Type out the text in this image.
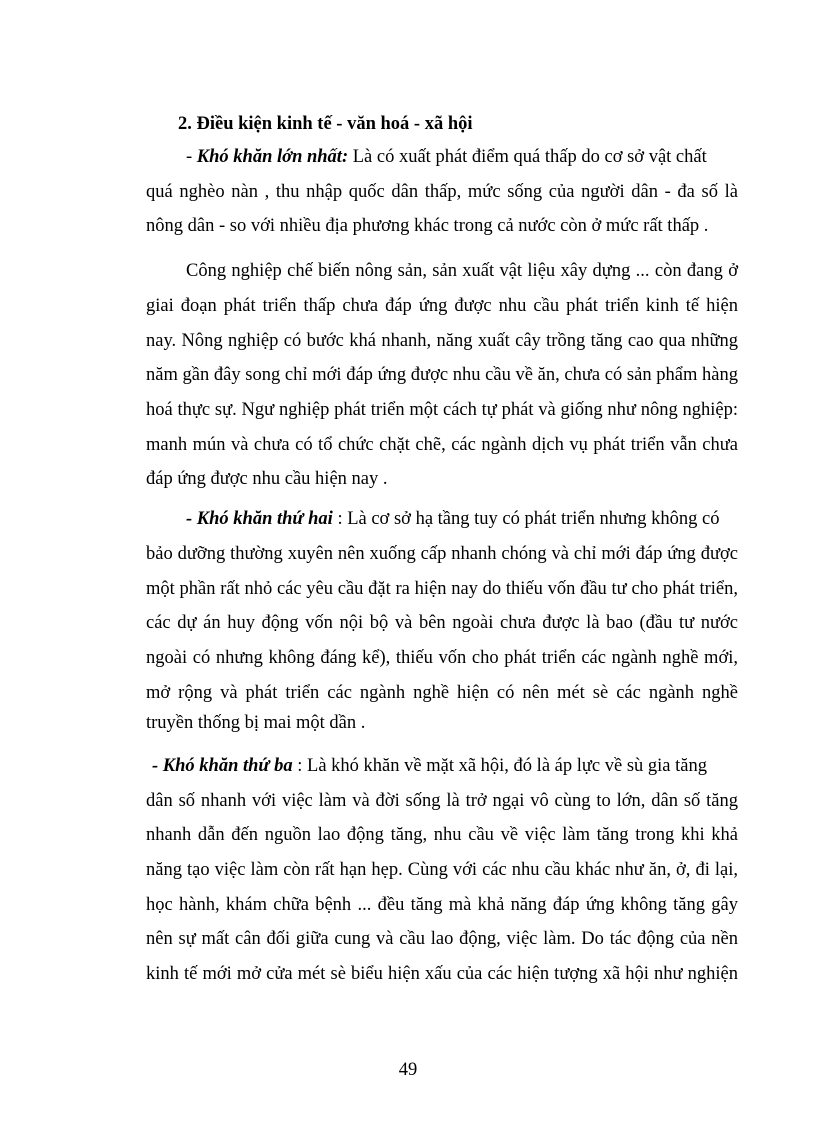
2. Điều kiện kinh tế - văn hoá - xã hội
- Khó khăn lớn nhất: Là có xuất phát điểm quá thấp do cơ sở vật chất
quá nghèo nàn , thu nhập quốc dân thấp, mức sống của người dân - đa số là
nông dân - so với nhiều địa phương khác trong cả nước còn ở mức rất thấp .
Công nghiệp chế biến nông sản, sản xuất vật liệu xây dựng ... còn đang ở
giai đoạn phát triển thấp chưa đáp ứng được nhu cầu phát triển kinh tế hiện
nay. Nông nghiệp có bước khá nhanh, năng xuất cây trồng tăng cao qua những
năm gần đây song chỉ mới đáp ứng được nhu cầu về ăn, chưa có sản phẩm hàng
hoá thực sự. Ngư nghiệp phát triển một cách tự phát và giống như nông nghiệp:
manh mún và chưa có tổ chức chặt chẽ, các ngành dịch vụ phát triển vẫn chưa
đáp ứng được nhu cầu hiện nay .
- Khó khăn thứ hai : Là cơ sở hạ tầng tuy có phát triển nhưng không có
bảo dưỡng thường xuyên nên xuống cấp nhanh chóng và chỉ mới đáp ứng được
một phần rất nhỏ các yêu cầu đặt ra hiện nay do thiếu vốn đầu tư cho phát triển,
các dự án huy động vốn nội bộ và bên ngoài chưa được là bao (đầu tư nước
ngoài có nhưng không đáng kể), thiếu vốn cho phát triển các ngành nghề mới,
mở rộng và phát triển các ngành nghề hiện có nên mét sè các ngành nghề
truyền thống bị mai một dần .
- Khó khăn thứ ba : Là khó khăn về mặt xã hội, đó là áp lực về sù gia tăng
dân số nhanh với việc làm và đời sống là trở ngại vô cùng to lớn, dân số tăng
nhanh dẫn đến nguồn lao động tăng, nhu cầu về việc làm tăng trong khi khả
năng tạo việc làm còn rất hạn hẹp. Cùng với các nhu cầu khác như ăn, ở, đi lại,
học hành, khám chữa bệnh ... đều tăng mà khả năng đáp ứng không tăng gây
nên sự mất cân đối giữa cung và cầu lao động, việc làm. Do tác động của nền
kinh tế mới mở cửa mét sè biểu hiện xấu của các hiện tượng xã hội như nghiện
49
